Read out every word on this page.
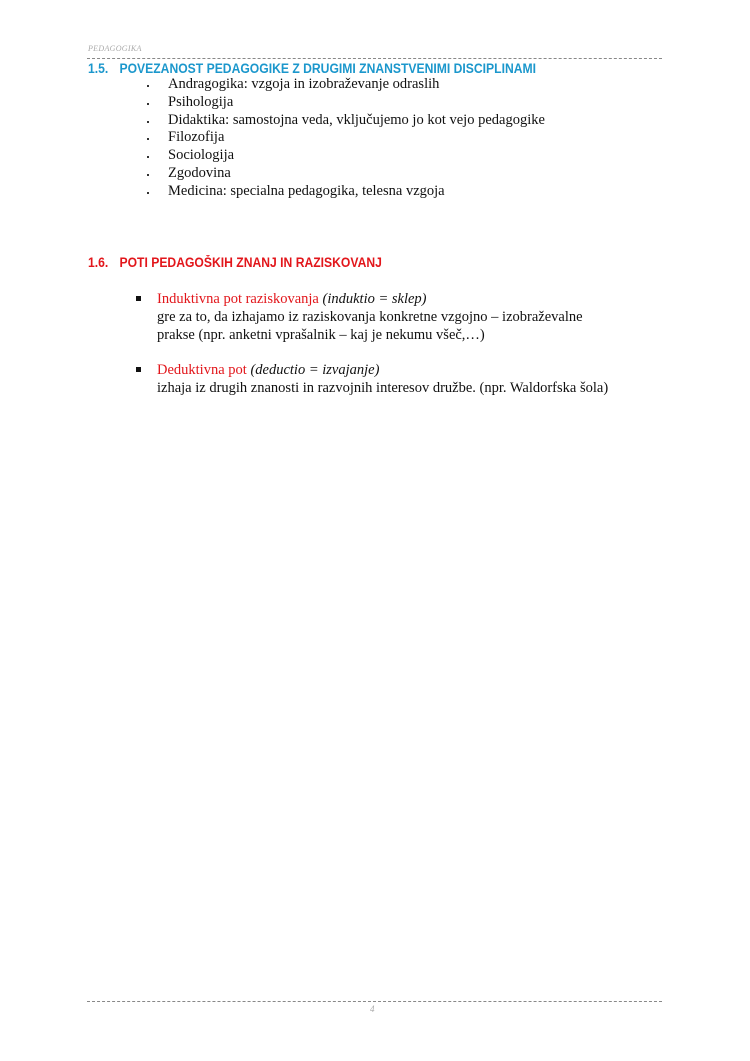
PEDAGOGIKA
1.5. POVEZANOST PEDAGOGIKE Z DRUGIMI ZNANSTVENIMI DISCIPLINAMI
Andragogika: vzgoja in izobraževanje odraslih
Psihologija
Didaktika: samostojna veda, vključujemo jo kot vejo pedagogike
Filozofija
Sociologija
Zgodovina
Medicina: specialna pedagogika, telesna vzgoja
1.6. POTI PEDAGOŠKIH ZNANJ IN RAZISKOVANJ
Induktivna pot raziskovanja (induktio = sklep)
gre za to, da izhajamo iz raziskovanja konkretne vzgojno – izobraževalne
prakse (npr. anketni vprašalnik – kaj je nekumu všeč,…)
Deduktivna pot (deductio = izvajanje)
izhaja iz drugih znanosti in razvojnih interesov družbe. (npr. Waldorfska šola)
4
